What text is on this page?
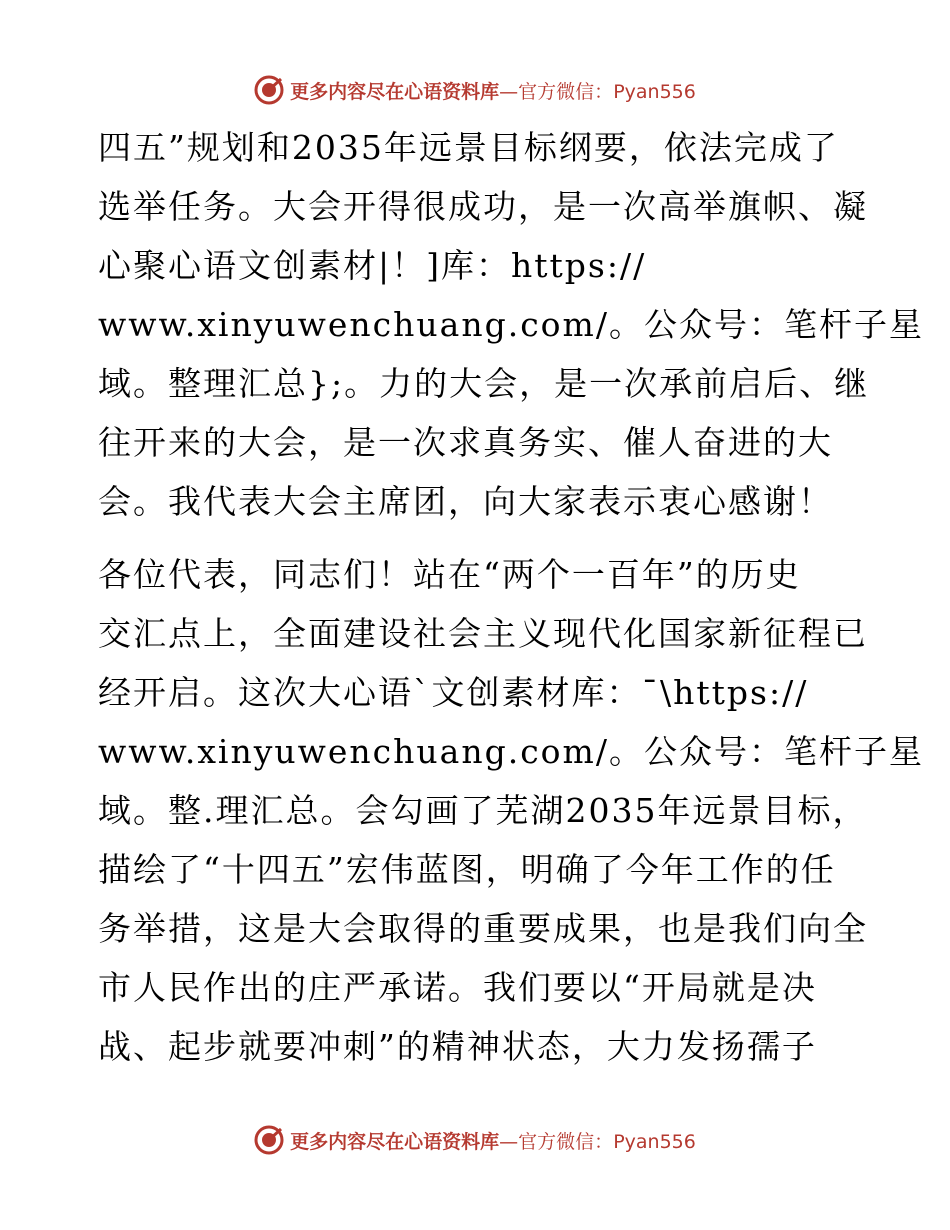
更多内容尽在心语资料库—官方微信：Pyan556
四五”规划和2035年远景目标纲要，依法完成了
选举任务。大会开得很成功，是一次高举旗帜、凝
心聚心语文创素材|！]库：https://
www.xinyuwenchuang.com/。公众号：笔杆子星
域。整理汇总};。力的大会，是一次承前启后、继
往开来的大会，是一次求真务实、催人奋进的大
会。我代表大会主席团，向大家表示衷心感谢！
各位代表，同志们！站在“两个一百年”的历史
交汇点上，全面建设社会主义现代化国家新征程已
经开启。这次大心语`文创素材库：¯\https://
www.xinyuwenchuang.com/。公众号：笔杆子星
域。整.理汇总。会勾画了芜湖2035年远景目标，
描绘了“十四五”宏伟蓝图，明确了今年工作的任
务举措，这是大会取得的重要成果，也是我们向全
市人民作出的庄严承诺。我们要以“开局就是决
战、起步就要冲刺”的精神状态，大力发扬孺子
更多内容尽在心语资料库—官方微信：Pyan556
